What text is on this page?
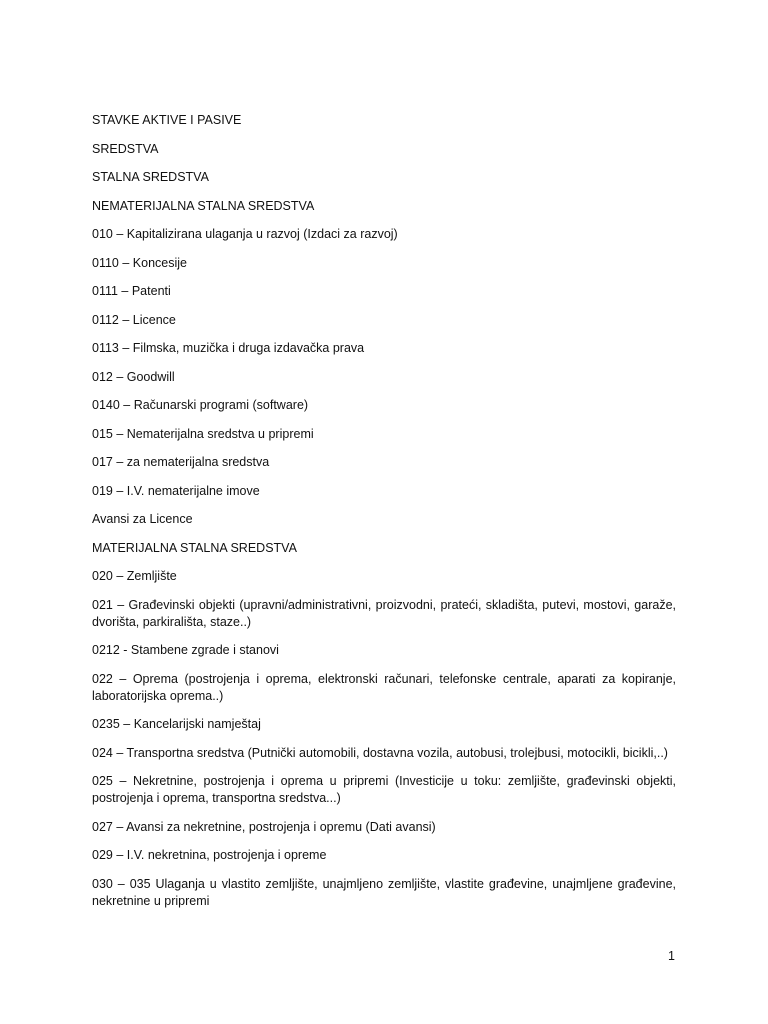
STAVKE AKTIVE I PASIVE

SREDSTVA

STALNA SREDSTVA

NEMATERIJALNA STALNA SREDSTVA

010 – Kapitalizirana ulaganja u razvoj (Izdaci za razvoj)

0110 – Koncesije

0111 – Patenti

0112 – Licence

0113 – Filmska, muzička i druga izdavačka prava

012 – Goodwill

0140 – Računarski programi (software)

015 – Nematerijalna sredstva u pripremi

017 – za nematerijalna sredstva

019 – I.V. nematerijalne imove

Avansi za Licence

MATERIJALNA STALNA SREDSTVA

020 – Zemljište

021 – Građevinski objekti (upravni/administrativni, proizvodni, prateći, skladišta, putevi, mostovi, garaže, dvorišta, parkirališta, staze..)

0212 - Stambene zgrade i stanovi

022 – Oprema (postrojenja i oprema, elektronski računari, telefonske centrale, aparati za kopiranje, laboratorijska oprema..)

0235 – Kancelarijski namještaj

024 – Transportna sredstva (Putnički automobili, dostavna vozila, autobusi, trolejbusi, motocikli, bicikli,..)

025 – Nekretnine, postrojenja i oprema u pripremi (Investicije u toku: zemljište, građevinski objekti, postrojenja i oprema, transportna sredstva...)

027 – Avansi za nekretnine, postrojenja i opremu (Dati avansi)

029 – I.V. nekretnina, postrojenja i opreme

030 – 035 Ulaganja u vlastito zemljište, unajmljeno zemljište, vlastite građevine, unajmljene građevine, nekretnine u pripremi

1
